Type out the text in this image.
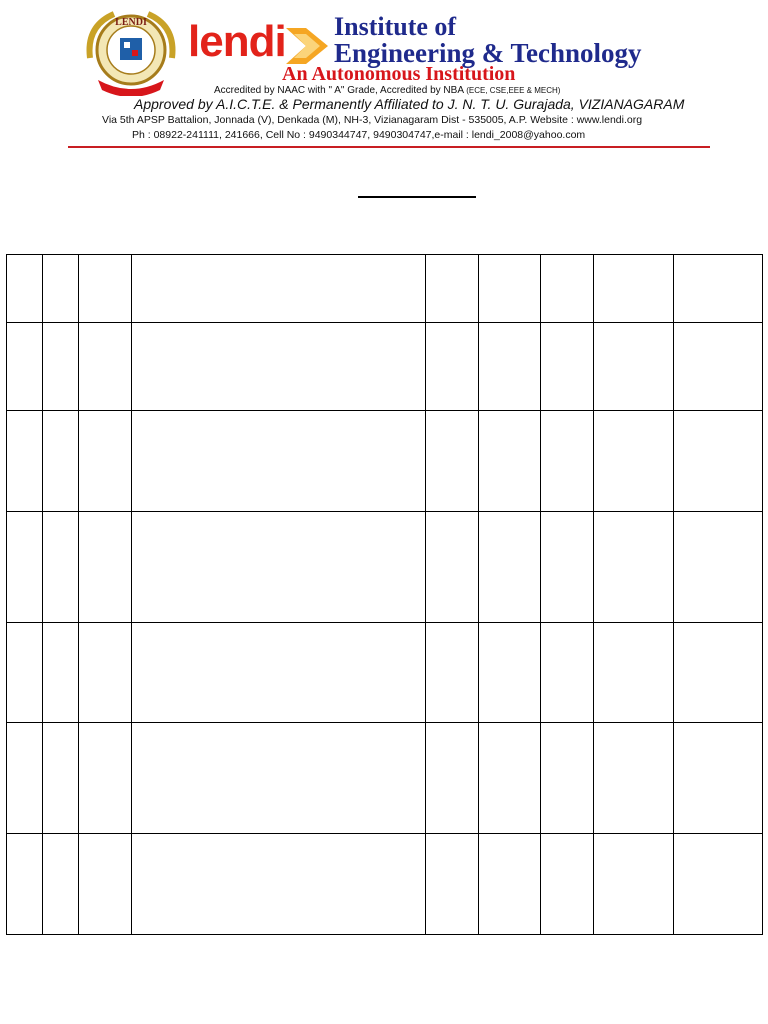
LENDI lendi Institute of
Engineering & Technology
An Autonomous Institution
Accredited by NAAC with " A" Grade, Accredited by NBA (ECE, CSE,EEE & MECH)
Approved by A.I.C.T.E. & Permanently Affiliated to J. N. T. U. Gurajada, VIZIANAGARAM
Via 5th APSP Battalion, Jonnada (V), Denkada (M), NH-3, Vizianagaram Dist - 535005, A.P. Website : www.lendi.org
Ph : 08922-241111, 241666, Cell No : 9490344747, 9490304747,e-mail : lendi_2008@yahoo.com
